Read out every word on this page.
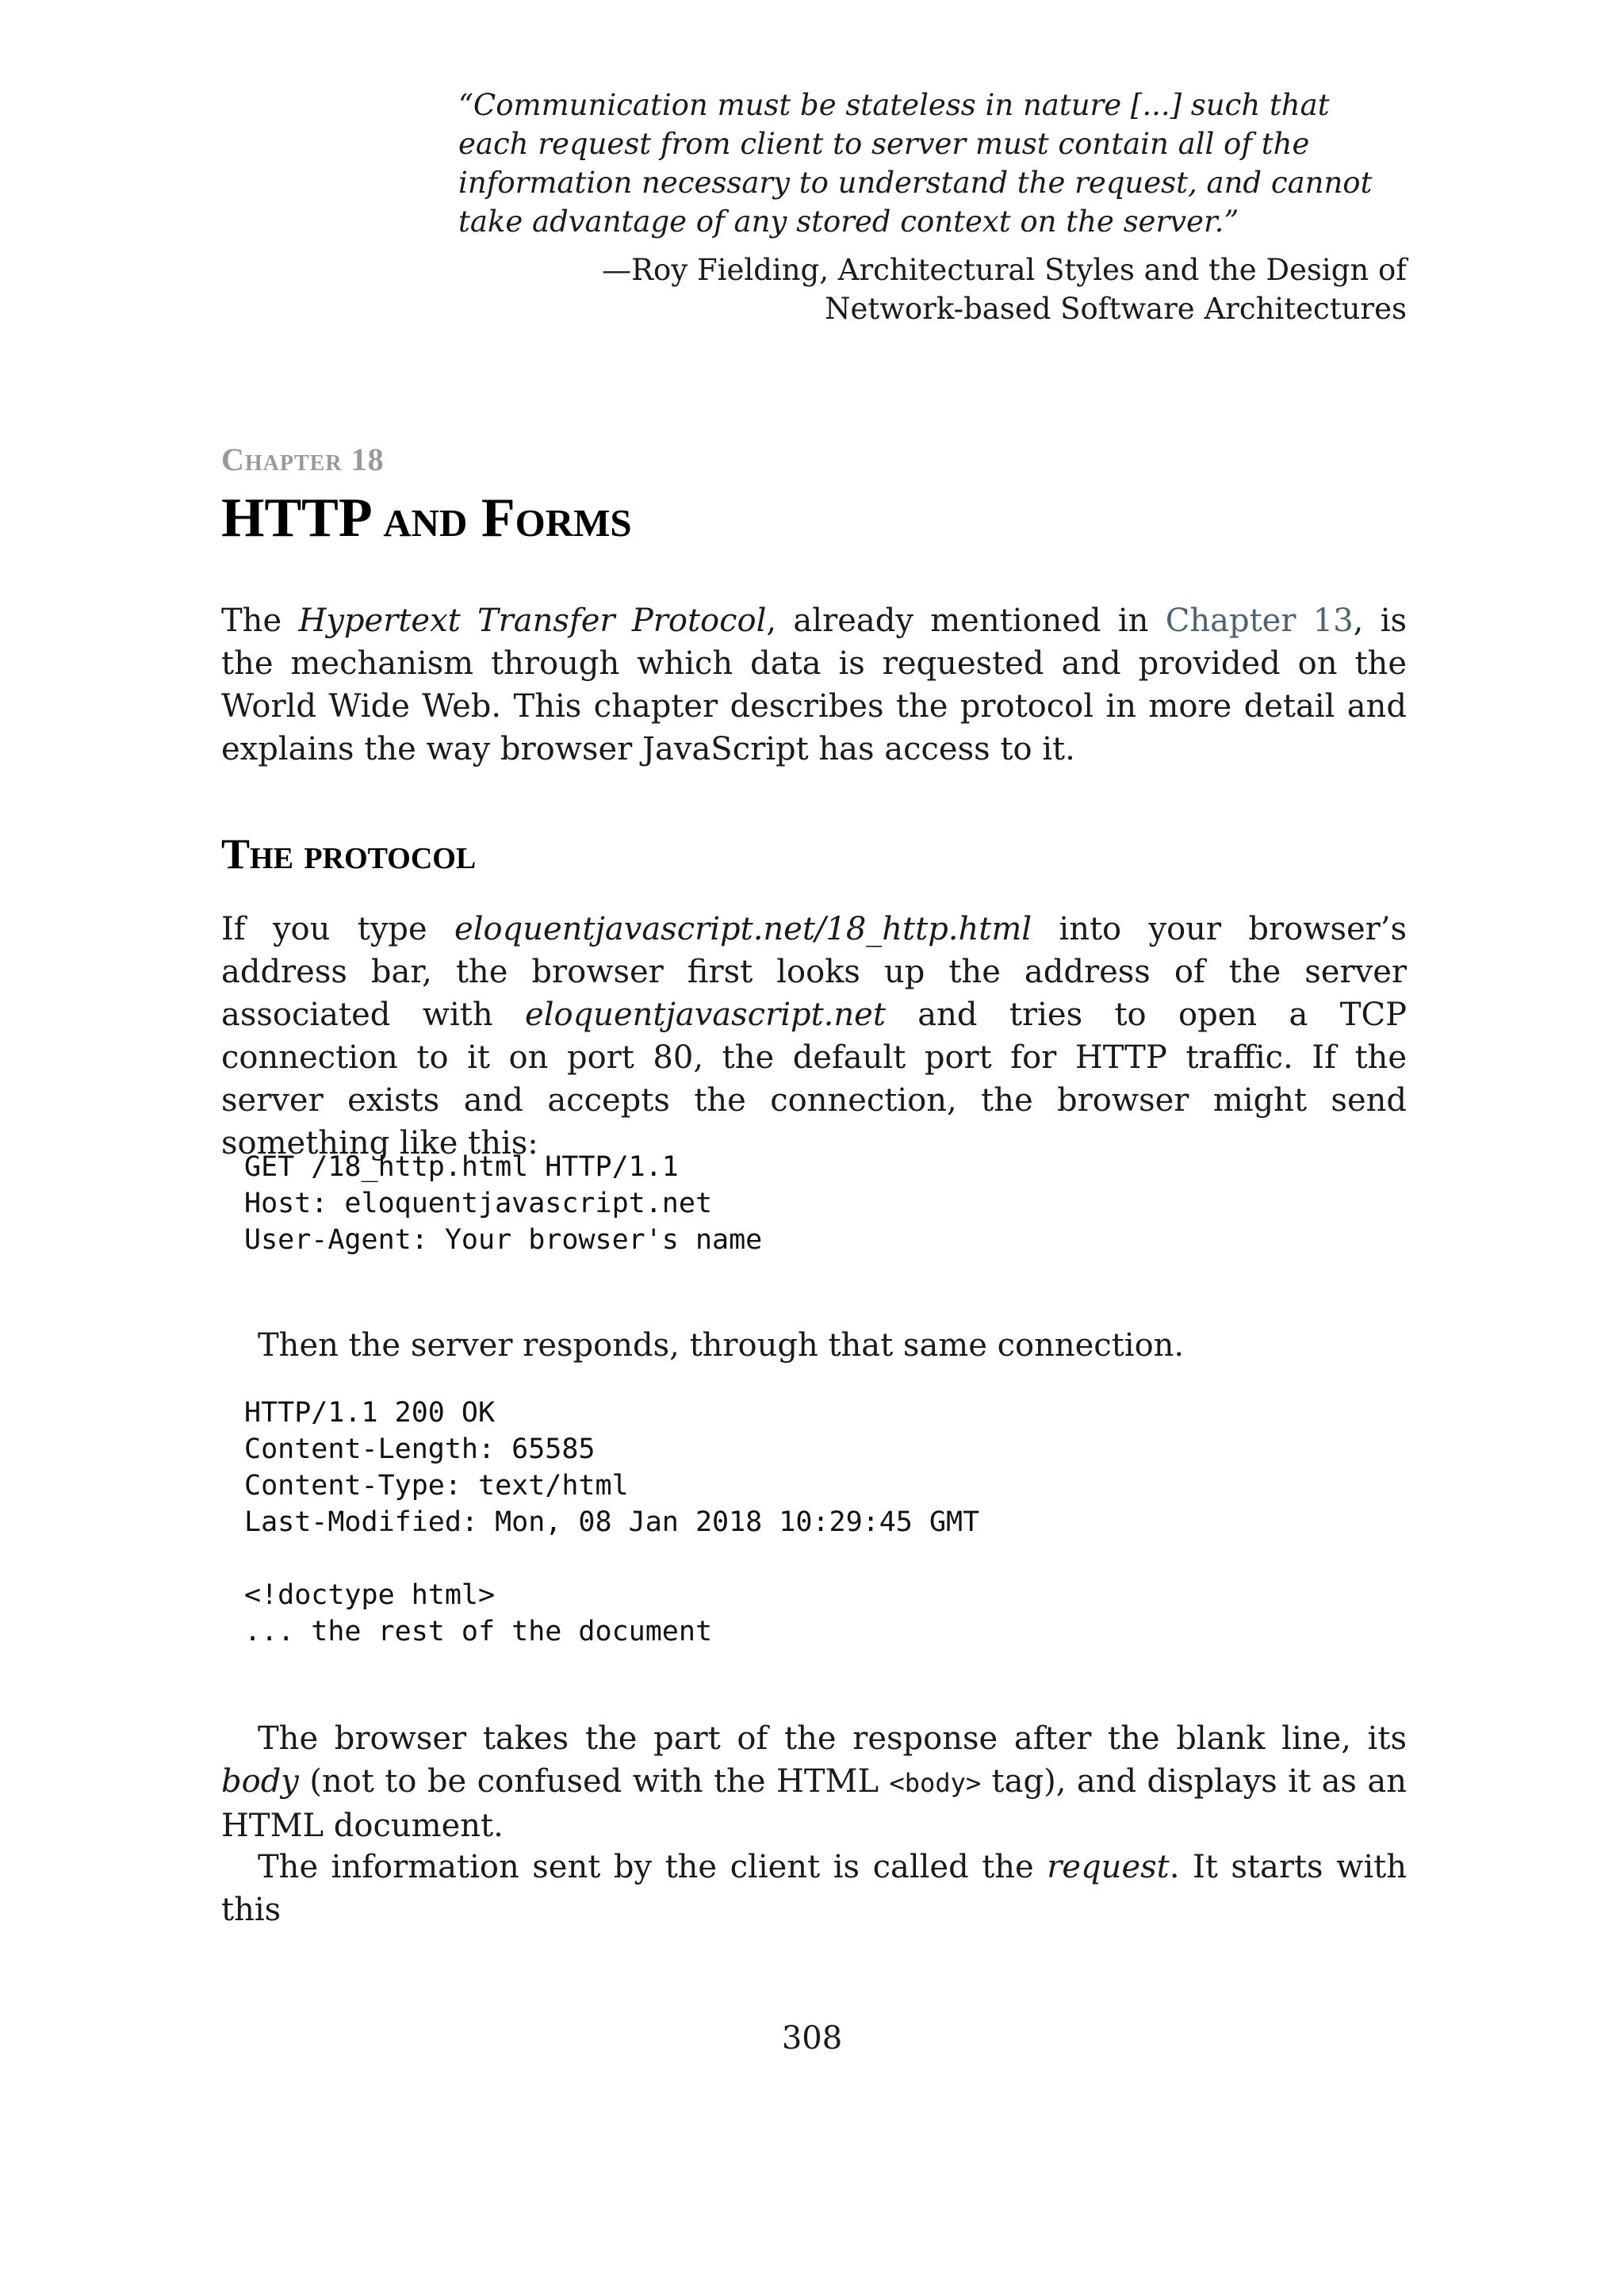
“Communication must be stateless in nature [...] such that each request from client to server must contain all of the information necessary to understand the request, and cannot take advantage of any stored context on the server.”

—Roy Fielding, Architectural Styles and the Design of
Network-based Software Architectures

Chapter 18

HTTP and Forms

The Hypertext Transfer Protocol, already mentioned in Chapter 13, is the mechanism through which data is requested and provided on the World Wide Web. This chapter describes the protocol in more detail and explains the way browser JavaScript has access to it.

The protocol

If you type eloquentjavascript.net/18_http.html into your browser’s address bar, the browser first looks up the address of the server associated with eloquentjavascript.net and tries to open a TCP connection to it on port 80, the default port for HTTP traffic. If the server exists and accepts the connection, the browser might send something like this:

GET /18_http.html HTTP/1.1
Host: eloquentjavascript.net
User-Agent: Your browser's name

Then the server responds, through that same connection.

HTTP/1.1 200 OK
Content-Length: 65585
Content-Type: text/html
Last-Modified: Mon, 08 Jan 2018 10:29:45 GMT

<!doctype html>
... the rest of the document

The browser takes the part of the response after the blank line, its body (not to be confused with the HTML <body> tag), and displays it as an HTML document.

The information sent by the client is called the request. It starts with this

308
